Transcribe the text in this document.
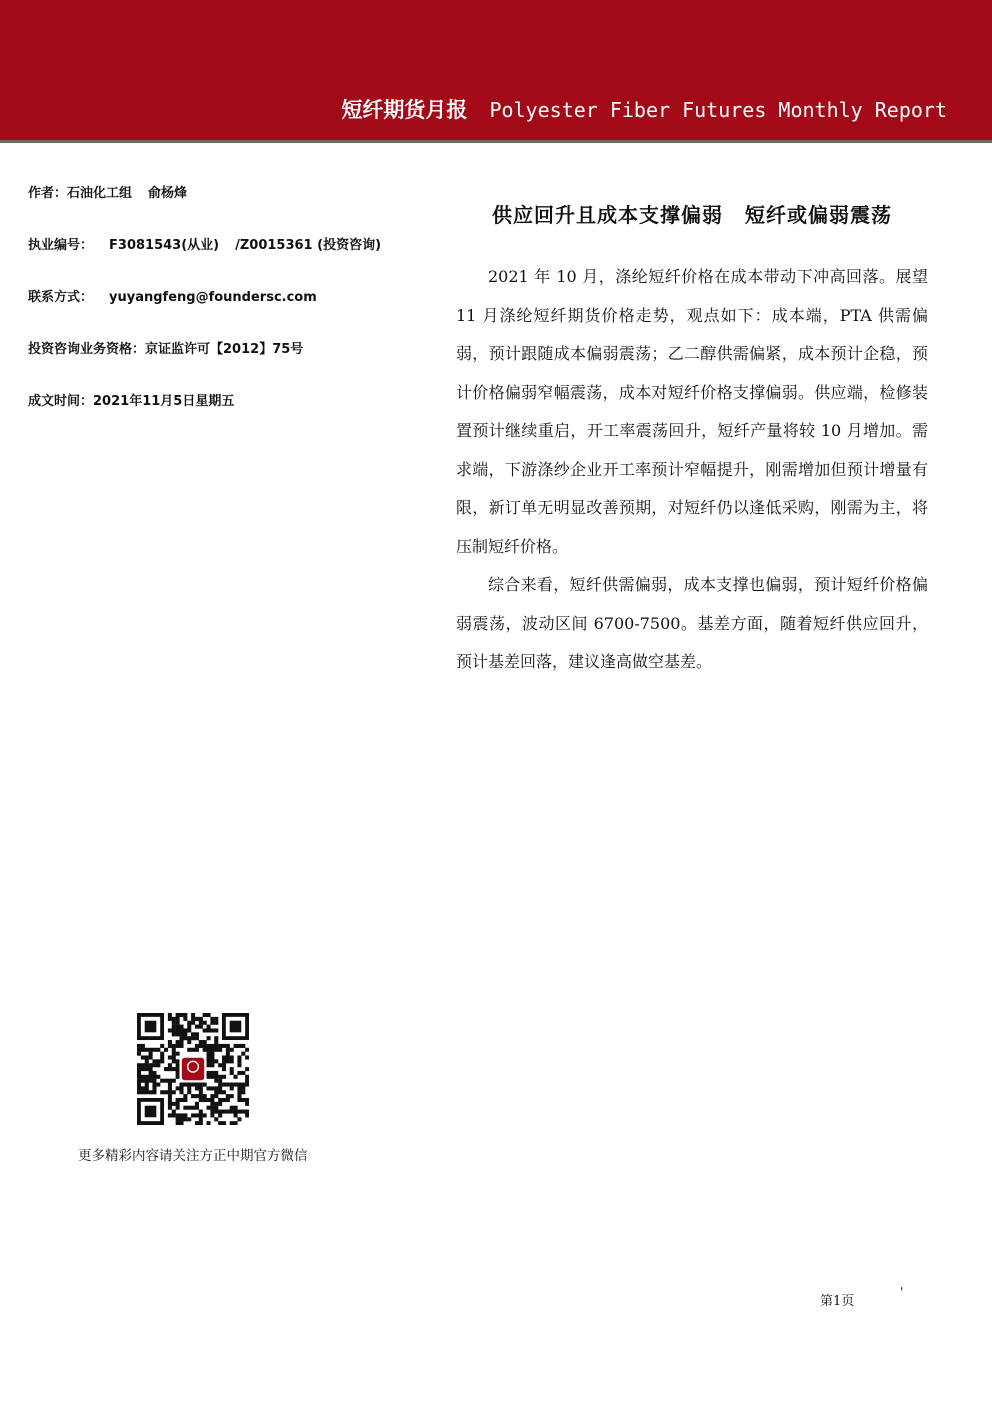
短纤期货月报 Polyester Fiber Futures Monthly Report
作者：石油化工组 俞杨烽
执业编号： F3081543(从业) /Z0015361 (投资咨询)
联系方式： yuyangfeng@foundersc.com
投资咨询业务资格：京证监许可【2012】75号
成文时间：2021年11月5日星期五
供应回升且成本支撑偏弱 短纤或偏弱震荡

2021 年 10 月，涤纶短纤价格在成本带动下冲高回落。展望 11 月涤纶短纤期货价格走势，观点如下：成本端，PTA 供需偏弱，预计跟随成本偏弱震荡；乙二醇供需偏紧，成本预计企稳，预计价格偏弱窄幅震荡，成本对短纤价格支撑偏弱。供应端，检修装置预计继续重启，开工率震荡回升，短纤产量将较 10 月增加。需求端，下游涤纱企业开工率预计窄幅提升，刚需增加但预计增量有限，新订单无明显改善预期，对短纤仍以逢低采购，刚需为主，将压制短纤价格。

综合来看，短纤供需偏弱，成本支撑也偏弱，预计短纤价格偏弱震荡，波动区间 6700-7500。基差方面，随着短纤供应回升，预计基差回落，建议逢高做空基差。

更多精彩内容请关注方正中期官方微信
第1页
'
